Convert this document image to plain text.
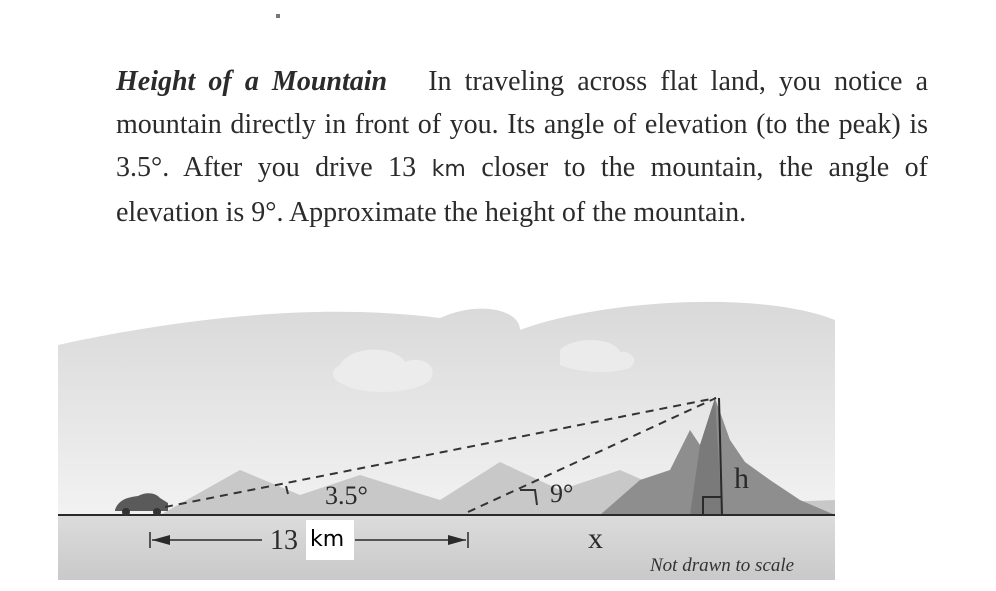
Height of a Mountain In traveling across flat land, you notice a mountain directly in front of you. Its angle of elevation (to the peak) is 3.5°. After you drive 13 km closer to the mountain, the angle of elevation is 9°. Approximate the height of the mountain.

3.5°	9°	h
13 km	x
Not drawn to scale
